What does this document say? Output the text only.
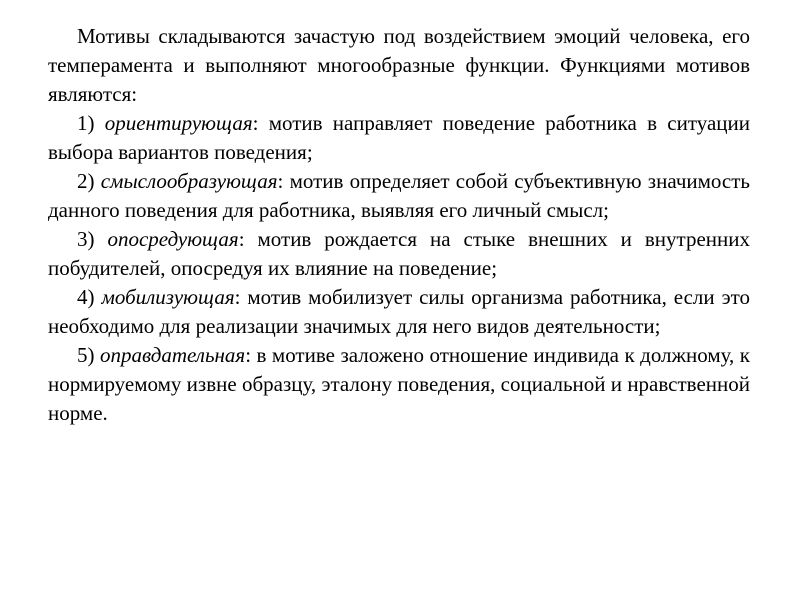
Мотивы складываются зачастую под воздействием эмоций человека, его темперамента и выполняют многообразные функции. Функциями мотивов являются:

1) ориентирующая: мотив направляет поведение работника в ситуации выбора вариантов поведения;

2) смыслообразующая: мотив определяет собой субъективную значимость данного поведения для работника, выявляя его личный смысл;

3) опосредующая: мотив рождается на стыке внешних и внутренних побудителей, опосредуя их влияние на поведение;

4) мобилизующая: мотив мобилизует силы организма работника, если это необходимо для реализации значимых для него видов деятельности;

5) оправдательная: в мотиве заложено отношение индивида к должному, к нормируемому извне образцу, эталону поведения, социальной и нравственной норме.
